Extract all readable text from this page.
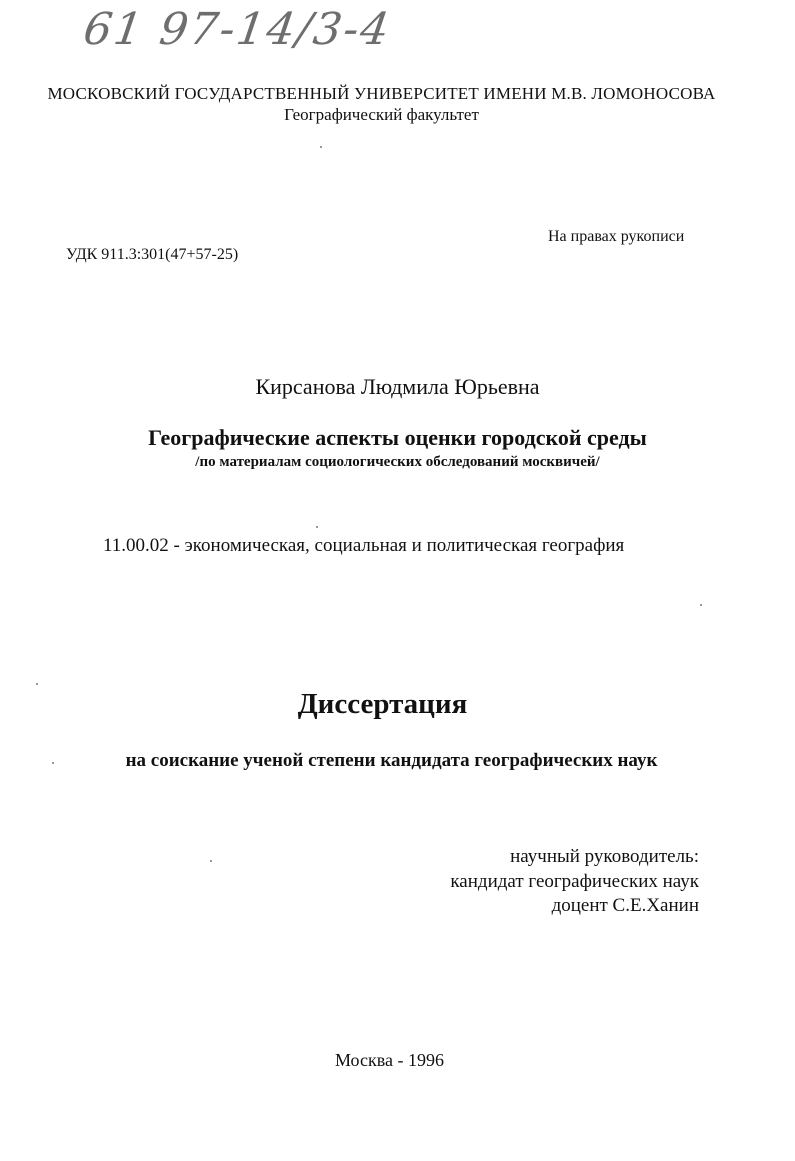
61 97-14/3-4
МОСКОВСКИЙ ГОСУДАРСТВЕННЫЙ УНИВЕРСИТЕТ ИМЕНИ М.В. ЛОМОНОСОВА
Географический факультет
На правах рукописи
УДК 911.3:301(47+57-25)
Кирсанова Людмила Юрьевна
Географические аспекты оценки городской среды
/по материалам социологических обследований москвичей/
11.00.02 - экономическая, социальная и политическая география
Диссертация
на соискание ученой степени кандидата географических наук
научный руководитель:
кандидат географических наук
доцент С.Е.Ханин
Москва - 1996
